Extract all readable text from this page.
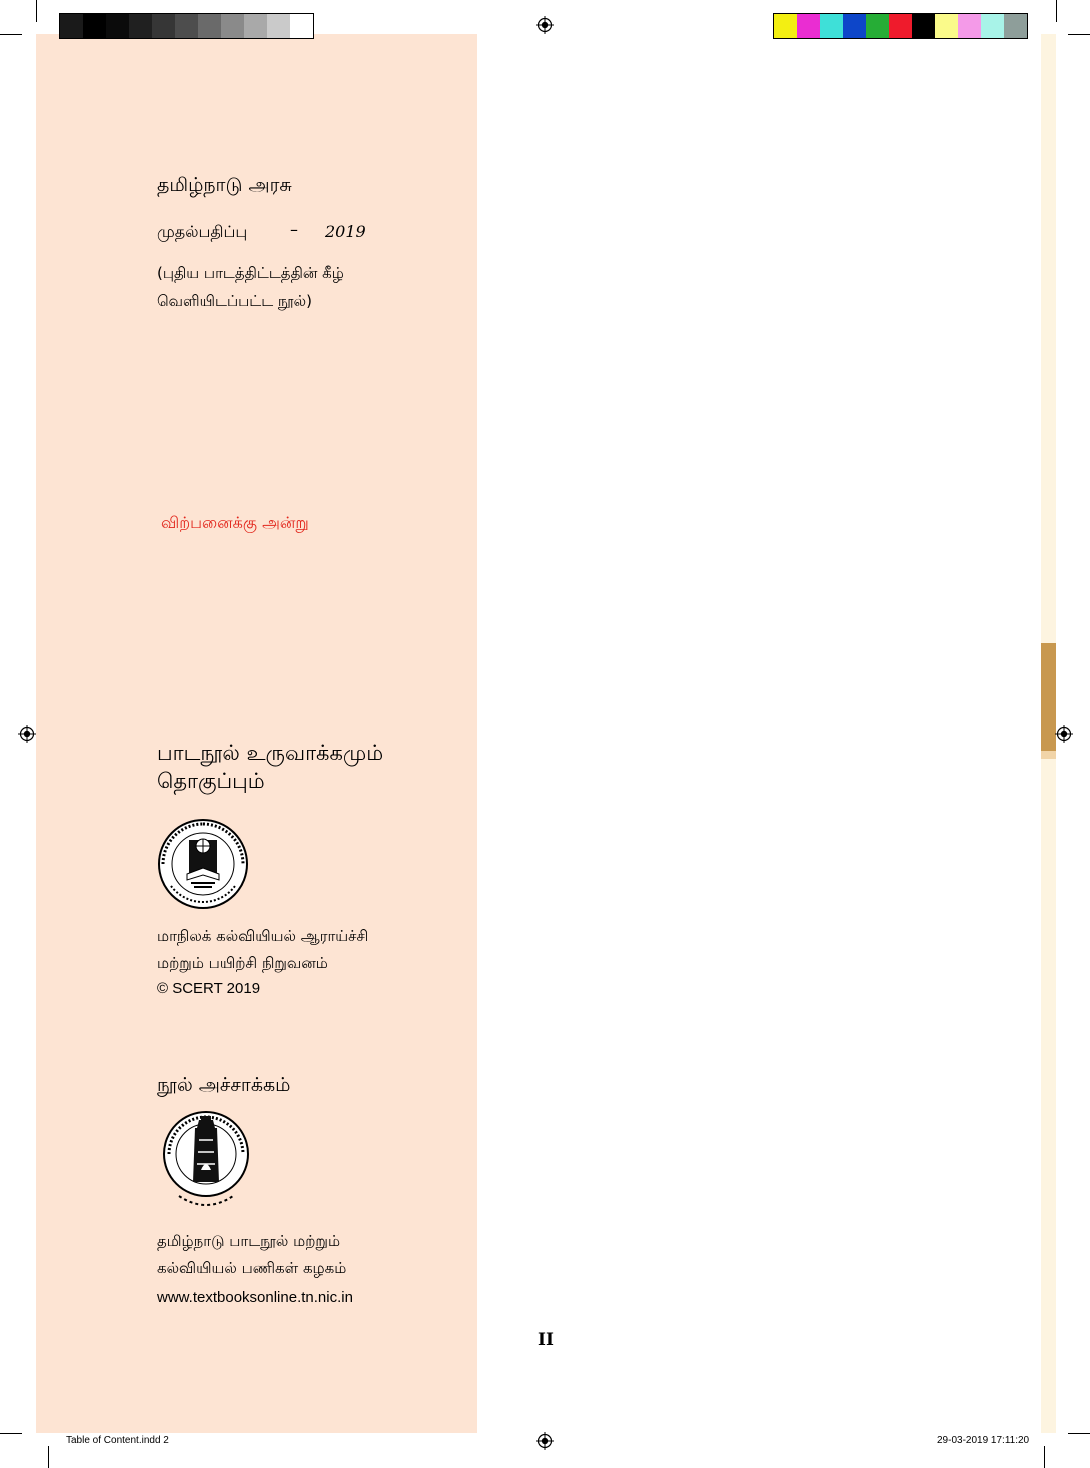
தமிழ்நாடு அரசு
முதல்பதிப்பு	– 2019
(புதிய பாடத்திட்டத்தின் கீழ்
வெளியிடப்பட்ட நூல்)
விற்பனைக்கு அன்று
பாடநூல் உருவாக்கமும்
தொகுப்பும்
மாநிலக் கல்வியியல் ஆராய்ச்சி
மற்றும் பயிற்சி நிறுவனம்
© SCERT 2019
நூல் அச்சாக்கம்
தமிழ்நாடு பாடநூல் மற்றும்
கல்வியியல் பணிகள் கழகம்
www.textbooksonline.tn.nic.in
II
Table of Content.indd 2	29-03-2019 17:11:20
